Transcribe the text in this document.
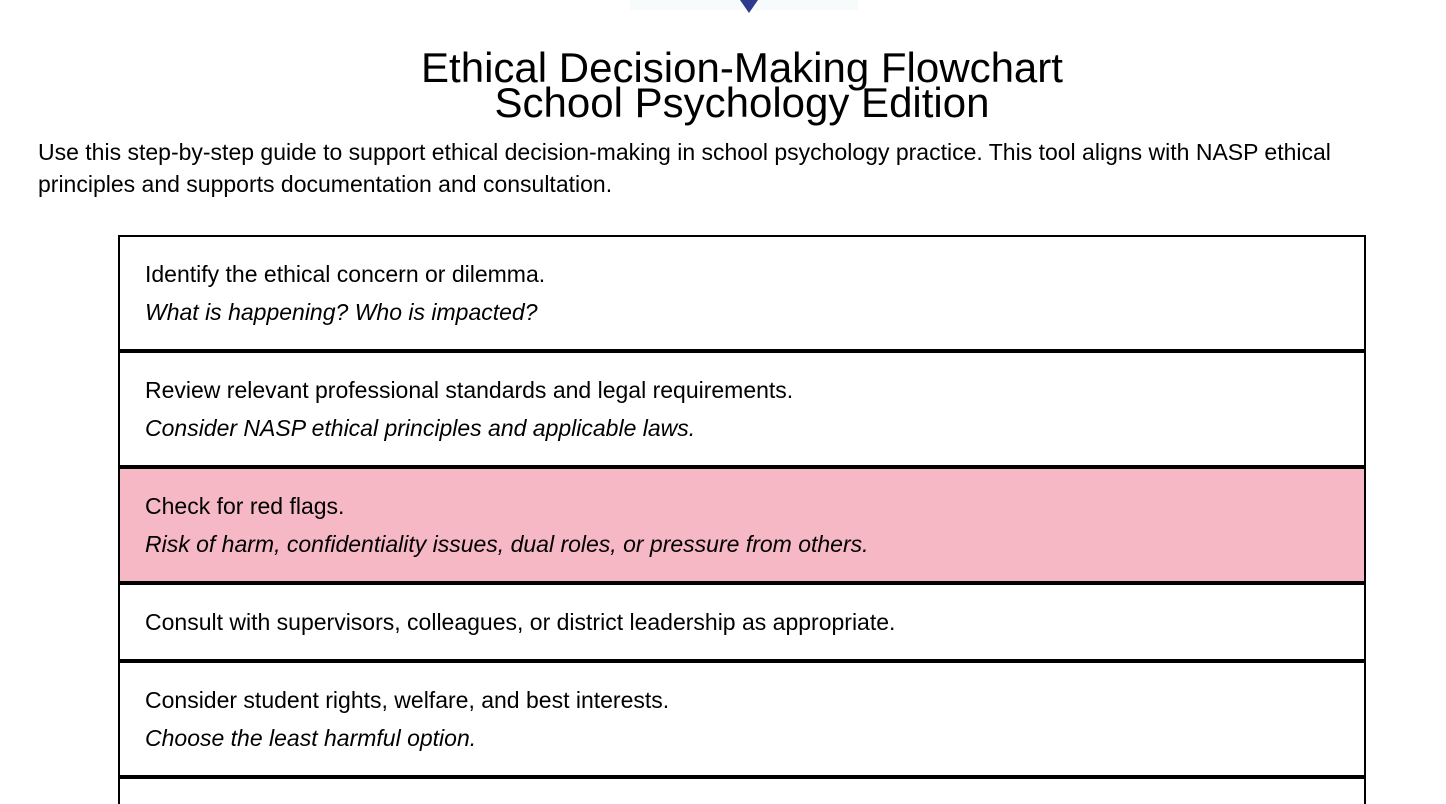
Ethical Decision-Making Flowchart
School Psychology Edition

Use this step-by-step guide to support ethical decision-making in school psychology practice. This tool aligns with NASP ethical principles and supports documentation and consultation.

Identify the ethical concern or dilemma.
What is happening? Who is impacted?
Review relevant professional standards and legal requirements.
Consider NASP ethical principles and applicable laws.
Check for red flags.
Risk of harm, confidentiality issues, dual roles, or pressure from others.
Consult with supervisors, colleagues, or district leadership as appropriate.
Consider student rights, welfare, and best interests.
Choose the least harmful option.
